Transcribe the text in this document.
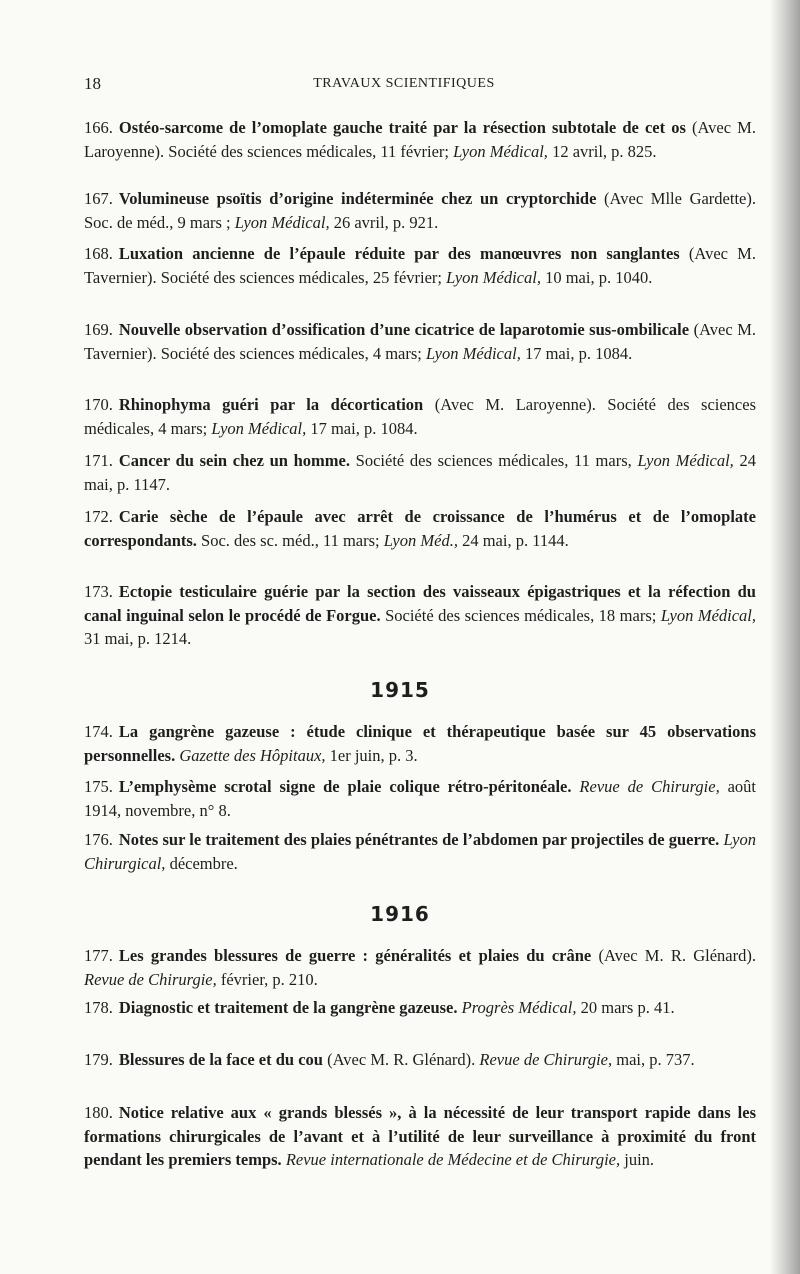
18	TRAVAUX SCIENTIFIQUES
166. Ostéo-sarcome de l’omoplate gauche traité par la résection subtotale de cet os (Avec M. Laroyenne). Société des sciences médicales, 11 février; Lyon Médical, 12 avril, p. 825.
167. Volumineuse psoïtis d’origine indéterminée chez un cryptorchide (Avec Mlle Gardette). Soc. de méd., 9 mars ; Lyon Médical, 26 avril, p. 921.
168. Luxation ancienne de l’épaule réduite par des manœuvres non sanglantes (Avec M. Tavernier). Société des sciences médicales, 25 février; Lyon Médical, 10 mai, p. 1040.
169. Nouvelle observation d’ossification d’une cicatrice de laparotomie sus-ombilicale (Avec M. Tavernier). Société des sciences médicales, 4 mars; Lyon Médical, 17 mai, p. 1084.
170. Rhinophyma guéri par la décortication (Avec M. Laroyenne). Société des sciences médicales, 4 mars; Lyon Médical, 17 mai, p. 1084.
171. Cancer du sein chez un homme. Société des sciences médicales, 11 mars, Lyon Médical, 24 mai, p. 1147.
172. Carie sèche de l’épaule avec arrêt de croissance de l’humérus et de l’omoplate correspondants. Soc. des sc. méd., 11 mars; Lyon Méd., 24 mai, p. 1144.
173. Ectopie testiculaire guérie par la section des vaisseaux épigastriques et la réfection du canal inguinal selon le procédé de Forgue. Société des sciences médicales, 18 mars; Lyon Médical, 31 mai, p. 1214.
1915
174. La gangrène gazeuse : étude clinique et thérapeutique basée sur 45 observations personnelles. Gazette des Hôpitaux, 1er juin, p. 3.
175. L’emphysème scrotal signe de plaie colique rétro-péritonéale. Revue de Chirurgie, août 1914, novembre, n° 8.
176. Notes sur le traitement des plaies pénétrantes de l’abdomen par projectiles de guerre. Lyon Chirurgical, décembre.
1916
177. Les grandes blessures de guerre : généralités et plaies du crâne (Avec M. R. Glénard). Revue de Chirurgie, février, p. 210.
178. Diagnostic et traitement de la gangrène gazeuse. Progrès Médical, 20 mars p. 41.
179. Blessures de la face et du cou (Avec M. R. Glénard). Revue de Chirurgie, mai, p. 737.
180. Notice relative aux « grands blessés », à la nécessité de leur transport rapide dans les formations chirurgicales de l’avant et à l’utilité de leur surveillance à proximité du front pendant les premiers temps. Revue internationale de Médecine et de Chirurgie, juin.
